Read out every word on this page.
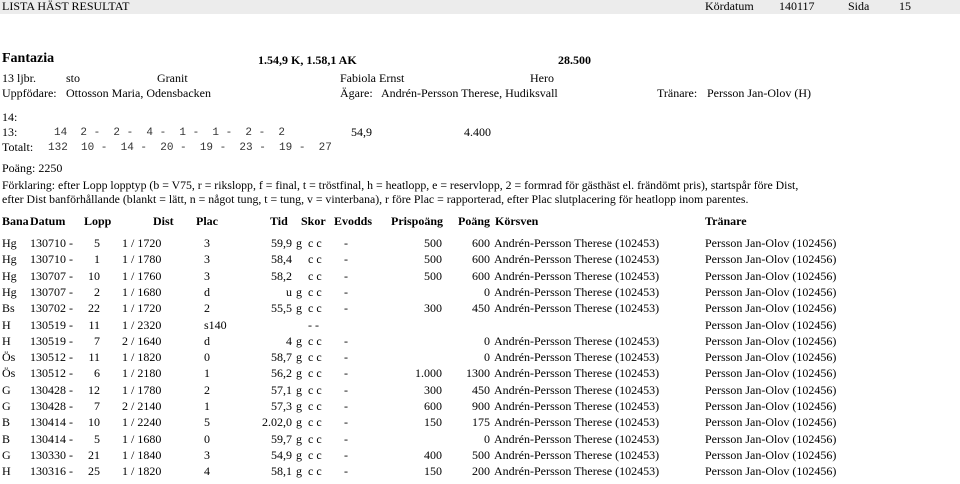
LISTA HÄST RESULTAT	Kördatum 140117	Sida 15
Fantazia	1.54,9 K, 1.58,1 AK	28.500
13 ljbr. sto	Granit	Fabiola Ernst	Hero
Uppfödare: Ottosson Maria, Odensbacken	Ägare: Andrén-Persson Therese, Hudiksvall	Tränare: Persson Jan-Olov (H)
14:
13:	14  2 -  2 -  4 -  1 -  1 -  2 -  2	54,9	4.400
Totalt: 132  10 -  14 -  20 -  19 -  23 -  19 -  27
Poäng: 2250
Förklaring: efter Lopp lopptyp (b = V75, r = rikslopp, f = final, t = tröstfinal, h = heatlopp, e = reservlopp, 2 = formrad för gästhäst el. frändömt pris), startspår före Dist,
efter Dist banförhållande (blankt = lätt, n = något tung, t = tung, v = vinterbana), r före Plac = rapporterad, efter Plac slutplacering för heatlopp inom parentes.
Bana Datum Lopp	Dist Plac	Tid Skor Evodds Prispoäng Poäng Körsven	Tränare
Hg	130710 -	5 1 / 1720	3	59,9 g c c	-	500	600 Andrén-Persson Therese (102453)	Persson Jan-Olov (102456)
Hg	130710 -	1 1 / 1780	3	58,4 c c	-	500	600 Andrén-Persson Therese (102453)	Persson Jan-Olov (102456)
Hg	130707 -	10 1 / 1760	3	58,2 c c	-	500	600 Andrén-Persson Therese (102453)	Persson Jan-Olov (102456)
Hg	130707 -	2 1 / 1680	d	u g c c	-	0 Andrén-Persson Therese (102453)	Persson Jan-Olov (102456)
Bs	130702 -	22 1 / 1720	2	55,5 g c c	-	300	450 Andrén-Persson Therese (102453)	Persson Jan-Olov (102456)
H	130519 -	11 1 / 2320	s140	- -	Persson Jan-Olov (102456)
H	130519 -	7 2 / 1640	d	4 g c c	-	0 Andrén-Persson Therese (102453)	Persson Jan-Olov (102456)
Ös	130512 -	11 1 / 1820	0	58,7 g c c	-	0 Andrén-Persson Therese (102453)	Persson Jan-Olov (102456)
Ös	130512 -	6 1 / 2180	1	56,2 g c c	-	1.000	1300 Andrén-Persson Therese (102453)	Persson Jan-Olov (102456)
G	130428 -	12 1 / 1780	2	57,1 g c c	-	300	450 Andrén-Persson Therese (102453)	Persson Jan-Olov (102456)
G	130428 -	7 2 / 2140	1	57,3 g c c	-	600	900 Andrén-Persson Therese (102453)	Persson Jan-Olov (102456)
B	130414 -	10 1 / 2240	5	2.02,0 g c c	-	150	175 Andrén-Persson Therese (102453)	Persson Jan-Olov (102456)
B	130414 -	5 1 / 1680	0	59,7 g c c	-	0 Andrén-Persson Therese (102453)	Persson Jan-Olov (102456)
G	130330 -	21 1 / 1840	3	54,9 g c c	-	400	500 Andrén-Persson Therese (102453)	Persson Jan-Olov (102456)
H	130316 -	25 1 / 1820	4	58,1 g c c	-	150	200 Andrén-Persson Therese (102453)	Persson Jan-Olov (102456)
